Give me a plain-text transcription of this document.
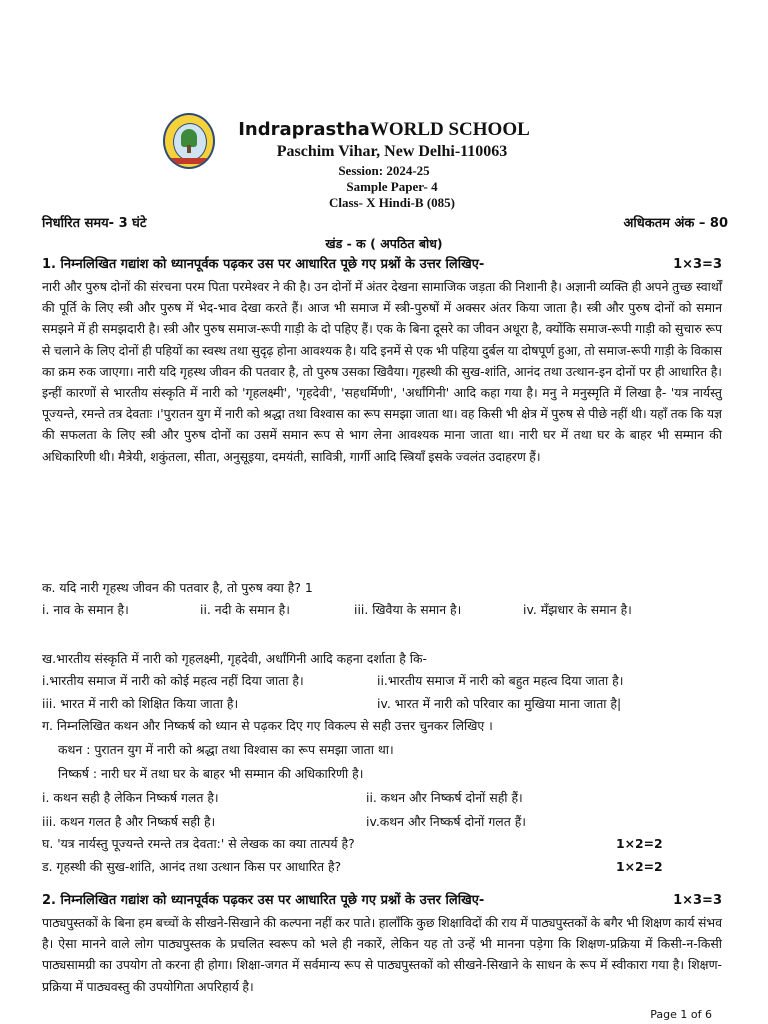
IndraprasthaWORLD SCHOOL
Paschim Vihar, New Delhi-110063
Session: 2024-25
Sample Paper- 4
Class- X Hindi-B (085)
निर्धारित समय- 3 घंटे	अधिकतम अंक – 80
खंड - क ( अपठित बोध)
1. निम्नलिखित गद्यांश को ध्यानपूर्वक पढ़कर उस पर आधारित पूछे गए प्रश्नों के उत्तर लिखिए-	1×3=3

नारी और पुरुष दोनों की संरचना परम पिता परमेश्वर ने की है। उन दोनों में अंतर देखना सामाजिक जड़ता की निशानी है। अज्ञानी व्यक्ति ही अपने तुच्छ स्वार्थों की पूर्ति के लिए स्त्री और पुरुष में भेद-भाव देखा करते हैं। आज भी समाज में स्त्री-पुरुषों में अक्सर अंतर किया जाता है। स्त्री और पुरुष दोनों को समान समझने में ही समझदारी है। स्त्री और पुरुष समाज-रूपी गाड़ी के दो पहिए हैं। एक के बिना दूसरे का जीवन अधूरा है, क्योंकि समाज-रूपी गाड़ी को सुचारु रूप से चलाने के लिए दोनों ही पहियों का स्वस्थ तथा सुदृढ़ होना आवश्यक है। यदि इनमें से एक भी पहिया दुर्बल या दोषपूर्ण हुआ, तो समाज-रूपी गाड़ी के विकास का क्रम रुक जाएगा। नारी यदि गृहस्थ जीवन की पतवार है, तो पुरुष उसका खिवैया। गृहस्थी की सुख-शांति, आनंद तथा उत्थान-इन दोनों पर ही आधारित है। इन्हीं कारणों से भारतीय संस्कृति में नारी को 'गृहलक्ष्मी', 'गृहदेवी', 'सहधर्मिणी', 'अर्धांगिनी' आदि कहा गया है। मनु ने मनुस्मृति में लिखा है- 'यत्र नार्यस्तु पूज्यन्ते, रमन्ते तत्र देवताः ।'पुरातन युग में नारी को श्रद्धा तथा विश्वास का रूप समझा जाता था। वह किसी भी क्षेत्र में पुरुष से पीछे नहीं थी। यहाँ तक कि यज्ञ की सफलता के लिए स्त्री और पुरुष दोनों का उसमें समान रूप से भाग लेना आवश्यक माना जाता था। नारी घर में तथा घर के बाहर भी सम्मान की अधिकारिणी थी। मैत्रेयी, शकुंतला, सीता, अनुसूइया, दमयंती, सावित्री, गार्गी आदि स्त्रियाँ इसके ज्वलंत उदाहरण हैं।

क. यदि नारी गृहस्थ जीवन की पतवार है, तो पुरुष क्या है? 1
i. नाव के समान है।	ii. नदी के समान है।	iii. खिवैया के समान है।	iv. मँझधार के समान है।
ख.भारतीय संस्कृति में नारी को गृहलक्ष्मी, गृहदेवी, अर्धांगिनी आदि कहना दर्शाता है कि-
i.भारतीय समाज में नारी को कोई महत्व नहीं दिया जाता है।	ii.भारतीय समाज में नारी को बहुत महत्व दिया जाता है।
iii. भारत में नारी को शिक्षित किया जाता है।	iv. भारत में नारी को परिवार का मुखिया माना जाता है|
ग. निम्नलिखित कथन और निष्कर्ष को ध्यान से पढ़कर दिए गए विकल्प से सही उत्तर चुनकर लिखिए ।
कथन : पुरातन युग में नारी को श्रद्धा तथा विश्वास का रूप समझा जाता था।
निष्कर्ष : नारी घर में तथा घर के बाहर भी सम्मान की अधिकारिणी है।
i. कथन सही है लेकिन निष्कर्ष गलत है।	ii. कथन और निष्कर्ष दोनों सही हैं।
iii. कथन गलत है और निष्कर्ष सही है।	iv.कथन और निष्कर्ष दोनों गलत हैं।
घ. 'यत्र नार्यस्तु पूज्यन्ते रमन्ते तत्र देवता:' से लेखक का क्या तात्पर्य है?	1×2=2
ड. गृहस्थी की सुख-शांति, आनंद तथा उत्थान किस पर आधारित है?	1×2=2
2. निम्नलिखित गद्यांश को ध्यानपूर्वक पढ़कर उस पर आधारित पूछे गए प्रश्नों के उत्तर लिखिए-	1×3=3

पाठ्यपुस्तकों के बिना हम बच्चों के सीखने-सिखाने की कल्पना नहीं कर पाते। हालाँकि कुछ शिक्षाविदों की राय में पाठ्यपुस्तकों के बगैर भी शिक्षण कार्य संभव है। ऐसा मानने वाले लोग पाठ्यपुस्तक के प्रचलित स्वरूप को भले ही नकारें, लेकिन यह तो उन्हें भी मानना पड़ेगा कि शिक्षण-प्रक्रिया में किसी-न-किसी पाठ्यसामग्री का उपयोग तो करना ही होगा। शिक्षा-जगत में सर्वमान्य रूप से पाठ्यपुस्तकों को सीखने-सिखाने के साधन के रूप में स्वीकारा गया है। शिक्षण-प्रक्रिया में पाठ्यवस्तु की उपयोगिता अपरिहार्य है।

Page 1 of 6
